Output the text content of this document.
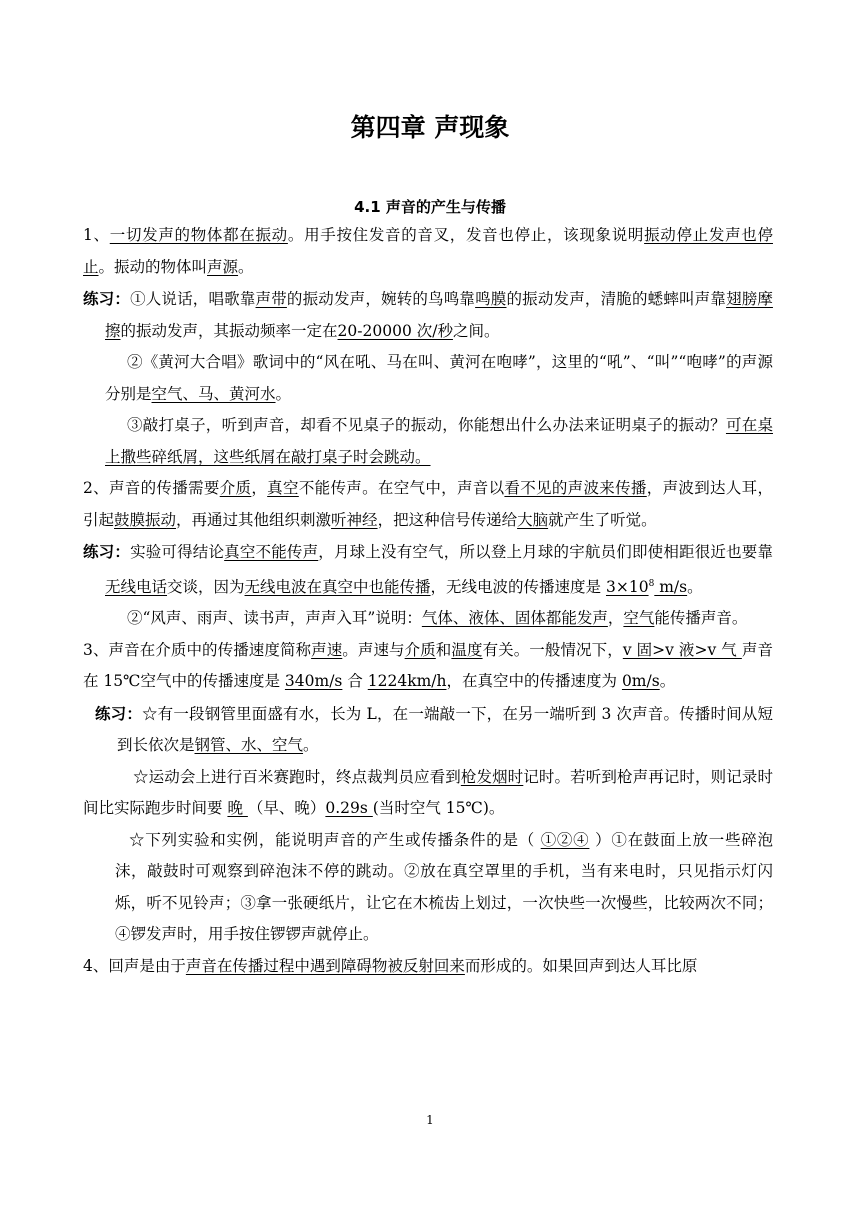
第四章 声现象
4.1 声音的产生与传播

1、一切发声的物体都在振动。用手按住发音的音叉，发音也停止，该现象说明振动停止发声也停止。振动的物体叫声源。

练习：①人说话，唱歌靠声带的振动发声，婉转的鸟鸣靠鸣膜的振动发声，清脆的蟋蟀叫声靠翅膀摩擦的振动发声，其振动频率一定在20-20000 次/秒之间。

②《黄河大合唱》歌词中的“风在吼、马在叫、黄河在咆哮”，这里的“吼”、“叫”“咆哮”的声源分别是空气、马、黄河水。

③敲打桌子，听到声音，却看不见桌子的振动，你能想出什么办法来证明桌子的振动？可在桌上撒些碎纸屑，这些纸屑在敲打桌子时会跳动。

2、声音的传播需要介质，真空不能传声。在空气中，声音以看不见的声波来传播，声波到达人耳，引起鼓膜振动，再通过其他组织刺激听神经，把这种信号传递给大脑就产生了听觉。

练习：实验可得结论真空不能传声，月球上没有空气，所以登上月球的宇航员们即使相距很近也要靠无线电话交谈，因为无线电波在真空中也能传播，无线电波的传播速度是 $3\times 10^8$ m/s。

②“风声、雨声、读书声，声声入耳”说明：气体、液体、固体都能发声，空气能传播声音。

3、声音在介质中的传播速度简称声速。声速与介质和温度有关。一般情况下，v 固>v 液>v 气 声音在 15℃空气中的传播速度是 340m/s 合 1224km/h，在真空中的传播速度为 0m/s。

练习：☆有一段钢管里面盛有水，长为 L，在一端敲一下，在另一端听到 3 次声音。传播时间从短到长依次是钢管、水、空气。

☆运动会上进行百米赛跑时，终点裁判员应看到枪发烟时记时。若听到枪声再记时，则记录时间比实际跑步时间要 晚 （早、晚）0.29s (当时空气 15℃)。

☆下列实验和实例，能说明声音的产生或传播条件的是（ ①②④ ）①在鼓面上放一些碎泡沫，敲鼓时可观察到碎泡沫不停的跳动。②放在真空罩里的手机，当有来电时，只见指示灯闪烁，听不见铃声；③拿一张硬纸片，让它在木梳齿上划过，一次快些一次慢些，比较两次不同；④锣发声时，用手按住锣锣声就停止。

4、回声是由于声音在传播过程中遇到障碍物被反射回来而形成的。如果回声到达人耳比原

1
